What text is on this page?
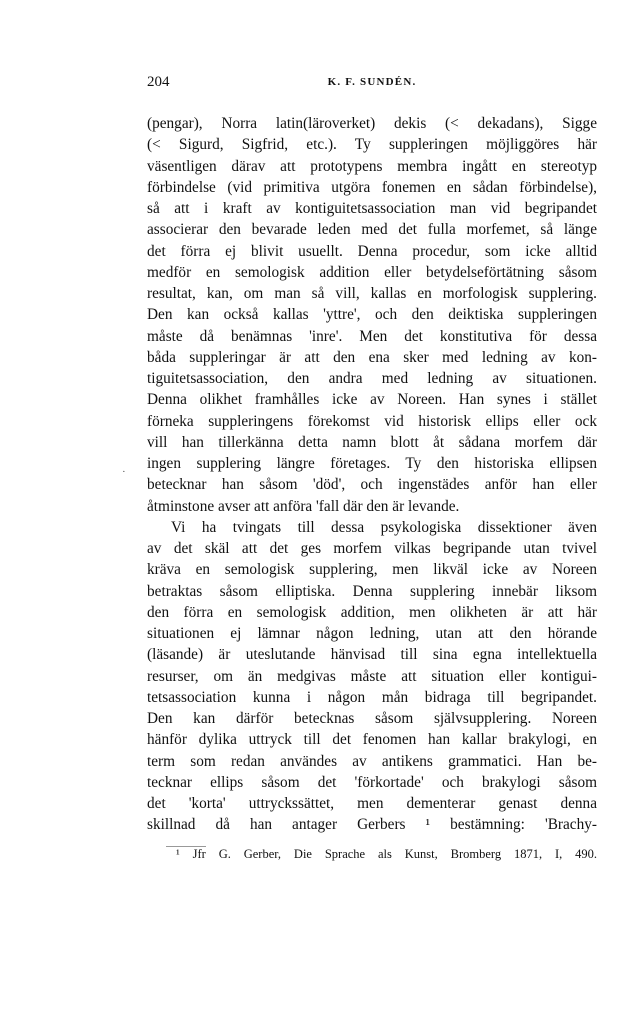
204	K. F. SUNDÉN.
(pengar), Norra latin(läroverket) dekis (< dekadans), Sigge
(< Sigurd, Sigfrid, etc.). Ty suppleringen möjliggöres här
väsentligen därav att prototypens membra ingått en stereotyp
förbindelse (vid primitiva utgöra fonemen en sådan förbindelse),
så att i kraft av kontiguitetsassociation man vid begripandet
associerar den bevarade leden med det fulla morfemet, så länge
det förra ej blivit usuellt. Denna procedur, som icke alltid
medför en semologisk addition eller betydelseförtätning såsom
resultat, kan, om man så vill, kallas en morfologisk supplering.
Den kan också kallas 'yttre', och den deiktiska suppleringen
måste då benämnas 'inre'. Men det konstitutiva för dessa
båda suppleringar är att den ena sker med ledning av kon-
tiguitetsassociation, den andra med ledning av situationen.
Denna olikhet framhålles icke av Noreen. Han synes i stället
förneka suppleringens förekomst vid historisk ellips eller ock
vill han tillerkänna detta namn blott åt sådana morfem där
ingen supplering längre företages. Ty den historiska ellipsen
betecknar han såsom 'död', och ingenstädes anför han eller
åtminstone avser att anföra 'fall där den är levande.
Vi ha tvingats till dessa psykologiska dissektioner även
av det skäl att det ges morfem vilkas begripande utan tvivel
kräva en semologisk supplering, men likväl icke av Noreen
betraktas såsom elliptiska. Denna supplering innebär liksom
den förra en semologisk addition, men olikheten är att här
situationen ej lämnar någon ledning, utan att den hörande
(läsande) är uteslutande hänvisad till sina egna intellektuella
resurser, om än medgivas måste att situation eller kontigui-
tetsassociation kunna i någon mån bidraga till begripandet.
Den kan därför betecknas såsom självsupplering. Noreen
hänför dylika uttryck till det fenomen han kallar brakylogi, en
term som redan användes av antikens grammatici. Han be-
tecknar ellips såsom det 'förkortade' och brakylogi såsom
det 'korta' uttryckssättet, men dementerar genast denna
skillnad då han antager Gerbers ¹ bestämning: 'Brachy-
·
¹ Jfr G. Gerber, Die Sprache als Kunst, Bromberg 1871, I, 490.
